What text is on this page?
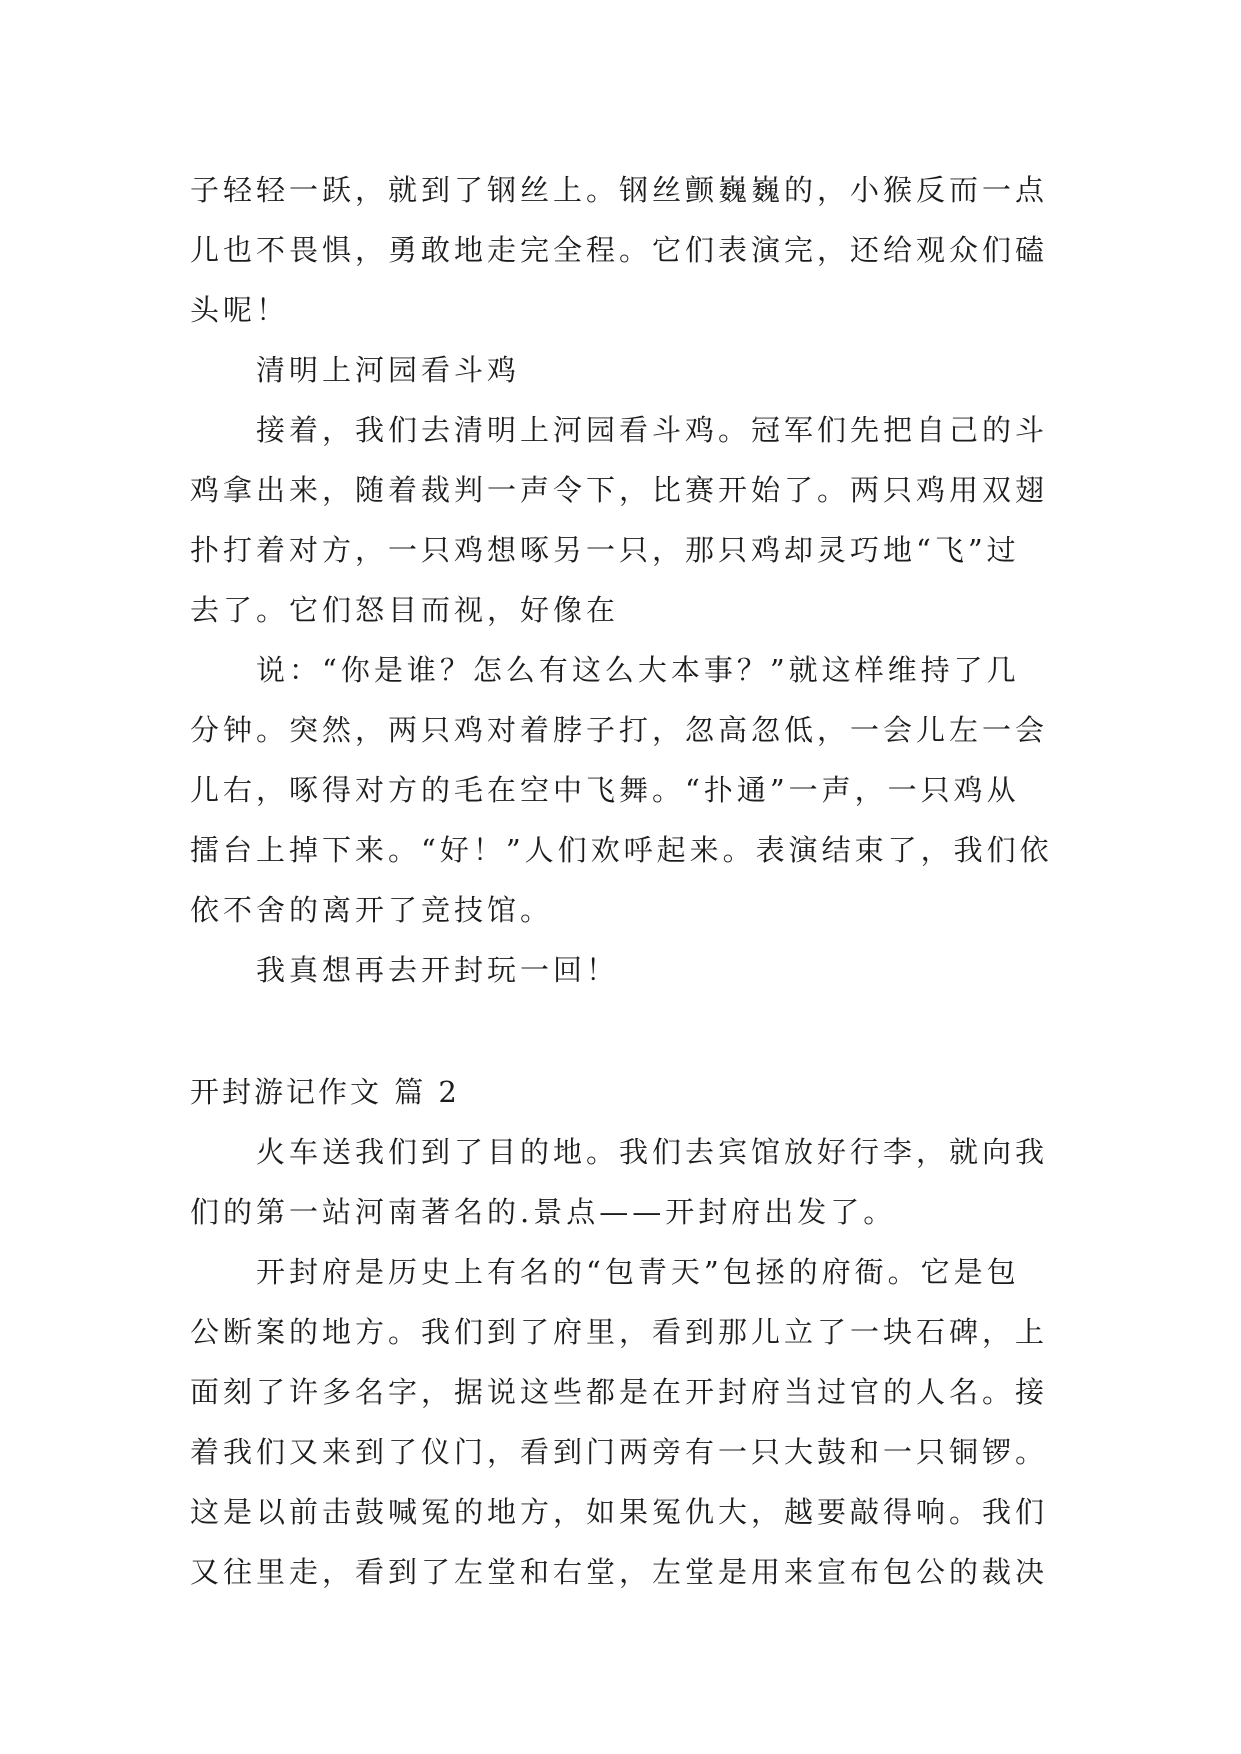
子轻轻一跃，就到了钢丝上。钢丝颤巍巍的，小猴反而一点
儿也不畏惧，勇敢地走完全程。它们表演完，还给观众们磕
头呢！
清明上河园看斗鸡
接着，我们去清明上河园看斗鸡。冠军们先把自己的斗
鸡拿出来，随着裁判一声令下，比赛开始了。两只鸡用双翅
扑打着对方，一只鸡想啄另一只，那只鸡却灵巧地“飞”过
去了。它们怒目而视，好像在
说：“你是谁？怎么有这么大本事？”就这样维持了几
分钟。突然，两只鸡对着脖子打，忽高忽低，一会儿左一会
儿右，啄得对方的毛在空中飞舞。“扑通”一声，一只鸡从
擂台上掉下来。“好！”人们欢呼起来。表演结束了，我们依
依不舍的离开了竞技馆。
我真想再去开封玩一回！
开封游记作文 篇 2
火车送我们到了目的地。我们去宾馆放好行李，就向我
们的第一站河南著名的.景点——开封府出发了。
开封府是历史上有名的“包青天”包拯的府衙。它是包
公断案的地方。我们到了府里，看到那儿立了一块石碑，上
面刻了许多名字，据说这些都是在开封府当过官的人名。接
着我们又来到了仪门，看到门两旁有一只大鼓和一只铜锣。
这是以前击鼓喊冤的地方，如果冤仇大，越要敲得响。我们
又往里走，看到了左堂和右堂，左堂是用来宣布包公的裁决
